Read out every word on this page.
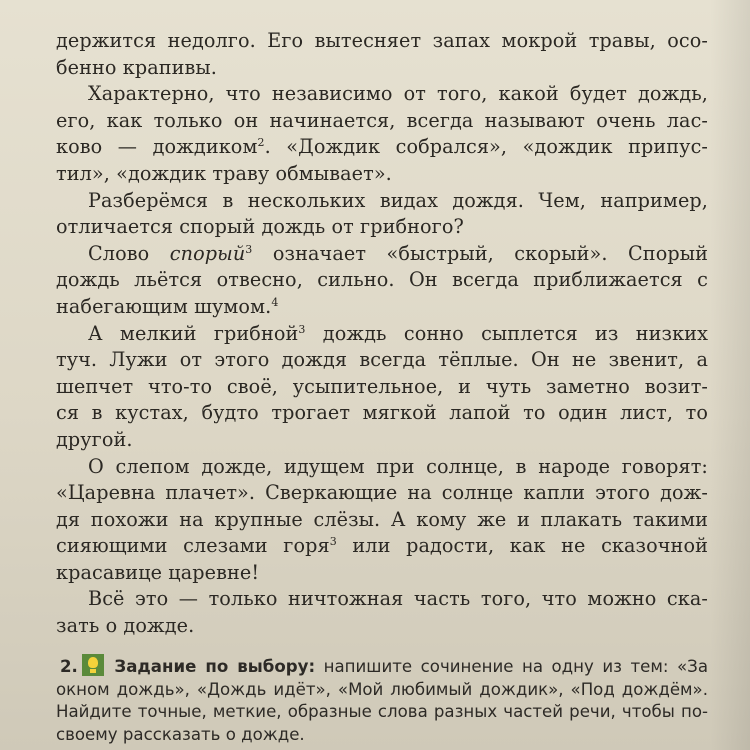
держится недолго. Его вытесняет запах мокрой травы, осо-
бенно крапивы.

Характерно, что независимо от того, какой будет дождь,
его, как только он начинается, всегда называют очень лас-
ково — дождиком$^2$. «Дождик собрался», «дождик припус-
тил», «дождик траву обмывает».

Разберёмся в нескольких видах дождя. Чем, например,
отличается спорый дождь от грибного?

Слово спорый$^3$ означает «быстрый, скорый». Спорый
дождь льётся отвесно, сильно. Он всегда приближается с
набегающим шумом.$^4$

А мелкий грибной$^3$ дождь сонно сыплется из низких
туч. Лужи от этого дождя всегда тёплые. Он не звенит, а
шепчет что-то своё, усыпительное, и чуть заметно возит-
ся в кустах, будто трогает мягкой лапой то один лист, то
другой.

О слепом дожде, идущем при солнце, в народе говорят:
«Царевна плачет». Сверкающие на солнце капли этого дож-
дя похожи на крупные слёзы. А кому же и плакать такими
сияющими слезами горя$^3$ или радости, как не сказочной
красавице царевне!

Всё это — только ничтожная часть того, что можно ска-
зать о дожде.

2. Задание по выбору: напишите сочинение на одну из тем: «За
окном дождь», «Дождь идёт», «Мой любимый дождик», «Под дождём».
Найдите точные, меткие, образные слова разных частей речи, чтобы по-
своему рассказать о дожде.
